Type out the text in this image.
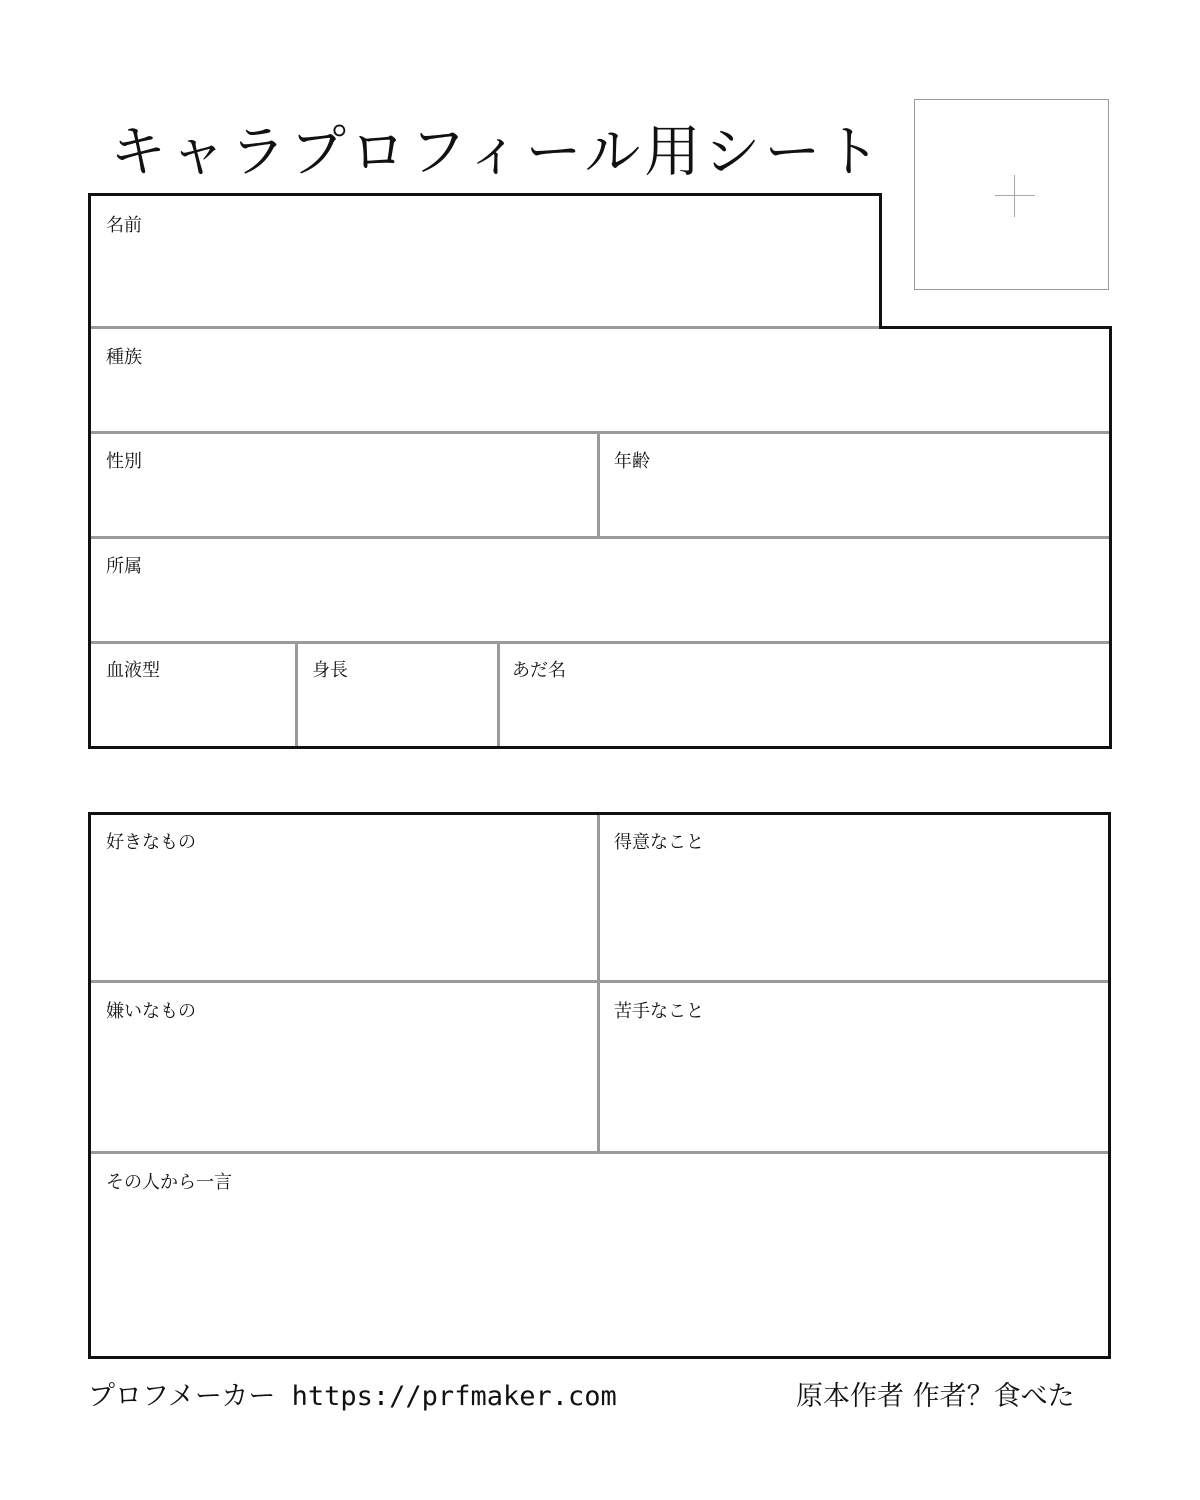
キャラプロフィール用シート
名前
種族
性別	年齢
所属
血液型	身長	あだ名
好きなもの	得意なこと
嫌いなもの	苦手なこと
その人から一言
プロフメーカー https://prfmaker.com	原本作者 作者？食べた
